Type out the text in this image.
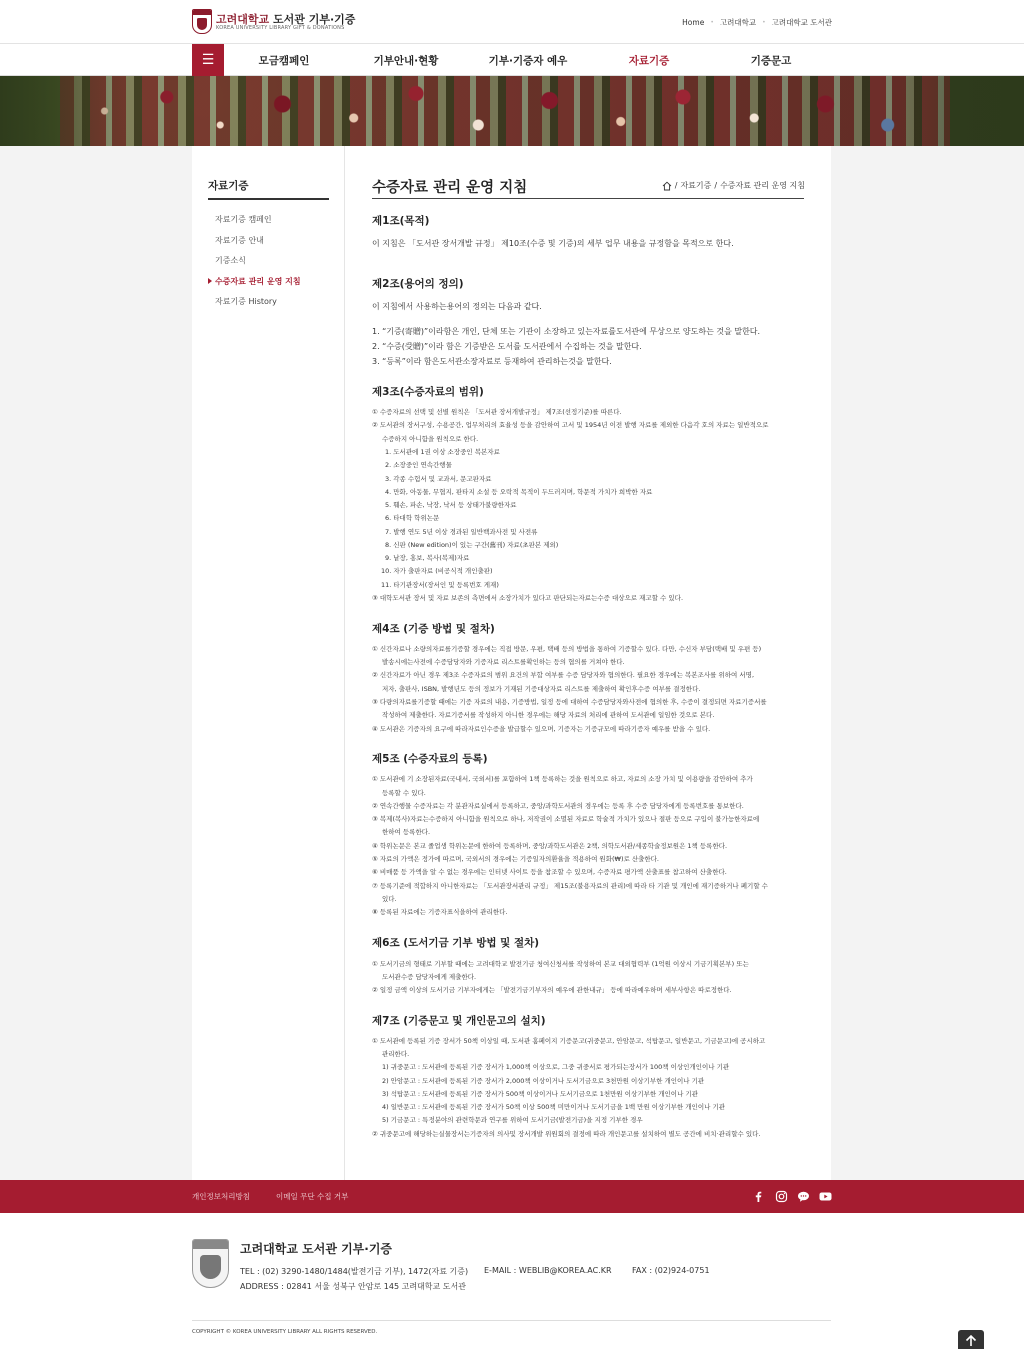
고려대학교 도서관 기부·기증
KOREA UNIVERSITY LIBRARY GIFT & DONATIONS
Home • 고려대학교 • 고려대학교 도서관
☰	모금캠페인	기부안내·현황	기부·기증자 예우	자료기증	기증문고
자료기증
자료기증 캠페인
자료기증 안내
기증소식
수증자료 관리 운영 지침
자료기증 History
수증자료 관리 운영 지침	/ 자료기증 / 수증자료 관리 운영 지침
제1조(목적)
이 지침은 「도서관 장서개발 규정」 제10조(수증 및 기증)의 세부 업무 내용을 규정함을 목적으로 한다.
제2조(용어의 정의)
이 지침에서 사용하는용어의 정의는 다음과 같다.
1. “기증(寄贈)”이라함은 개인, 단체 또는 기관이 소장하고 있는자료를도서관에 무상으로 양도하는 것을 말한다.
2. “수증(受贈)”이라 함은 기증받은 도서를 도서관에서 수집하는 것을 말한다.
3. “등록”이라 함은도서관소장자료로 등재하여 관리하는것을 말한다.
제3조(수증자료의 범위)
① 수증자료의 선택 및 선별 원칙은 「도서관 장서개발규정」 제7조(선정기준)를 따른다.
② 도서관의 장서구성, 수용공간, 업무처리의 효율성 등을 감안하여 고서 및 1954년 이전 발행 자료를 제외한 다음각 호의 자료는 일반적으로
수증하지 아니함을 원칙으로 한다.
1. 도서관에 1권 이상 소장중인 복본자료
2. 소장중인 연속간행물
3. 각종 수험서 및 교과서, 문고판자료
4. 만화, 아동물, 무협지, 판타지 소설 등 오락적 목적이 두드러지며, 학문적 가치가 희박한 자료
5. 훼손, 파손, 낙장, 낙서 등 상태가불량한자료
6. 타대학 학위논문
7. 발행 연도 5년 이상 경과된 일반백과사전 및 사전류
8. 신판 (New edition)이 있는 구간(舊刊) 자료(초판본 제외)
9. 낱장, 홍보, 복사(복제)자료
10. 자가 출판자료 (비공식적 개인출판)
11. 타기관장서(장서인 및 등록번호 게재)
③ 대학도서관 장서 및 자료 보존의 측면에서 소장가치가 있다고 판단되는자료는수증 대상으로 재고할 수 있다.
제4조 (기증 방법 및 절차)
① 신간자료나 소량의자료를기증할 경우에는 직접 방문, 우편, 택배 등의 방법을 통하여 기증할수 있다. 다만, 수신자 부담(택배 및 우편 등)
발송시에는사전에 수증담당자와 기증자료 리스트를확인하는 등의 협의를 거쳐야 한다.
② 신간자료가 아닌 경우 제3조 수증자료의 범위 요건의 부합 여부를 수증 담당자와 협의한다. 필요한 경우에는 복본조사를 위하여 서명,
저자, 출판사, ISBN, 발행년도 등의 정보가 기재된 기증대상자료 리스트를 제출하여 확인후수증 여부를 결정한다.
③ 다량의자료를기증할 때에는 기증 자료의 내용, 기증방법, 일정 등에 대하여 수증담당자와사전에 협의한 후, 수증이 결정되면 자료기증서를
작성하여 제출한다. 자료기증서를 작성하지 아니한 경우에는 해당 자료의 처리에 관하여 도서관에 일임한 것으로 본다.
④ 도서관은 기증자의 요구에 따라자료인수증을 발급할수 있으며, 기증자는 기증규모에 따라기증자 예우를 받을 수 있다.
제5조 (수증자료의 등록)
① 도서관에 기 소장된자료(국내서, 국외서)를 포함하여 1책 등록하는 것을 원칙으로 하고, 자료의 소장 가치 및 이용량을 감안하여 추가
등록할 수 있다.
② 연속간행물 수증자료는 각 분관자료실에서 등록하고, 중앙/과학도서관의 경우에는 등록 후 수증 담당자에게 등록번호를 통보한다.
③ 복제(복사)자료는수증하지 아니함을 원칙으로 하나, 저작권이 소멸된 자료로 학술적 가치가 있으나 절판 등으로 구입이 불가능한자료에
한하여 등록한다.
④ 학위논문은 본교 졸업생 학위논문에 한하여 등록하며, 중앙/과학도서관은 2책, 의학도서관/세종학술정보원은 1책 등록한다.
⑤ 자료의 가액은 정가에 따르며, 국외서의 경우에는 기증일자의환율을 적용하여 원화(₩)로 산출한다.
⑥ 비매품 등 가액을 알 수 없는 경우에는 인터넷 사이트 등을 참조할 수 있으며, 수증자료 평가액 산출표를 참고하여 산출한다.
⑦ 등록기준에 적합하지 아니한자료는 「도서관장서관리 규정」 제15조(불용자료의 관리)에 따라 타 기관 및 개인에 재기증하거나 폐기할 수
있다.
⑧ 등록된 자료에는 기증자표식을하여 관리한다.
제6조 (도서기금 기부 방법 및 절차)
① 도서기금의 형태로 기부할 때에는 고려대학교 발전기금 청여신청서를 작성하여 본교 대외협력부 (1억원 이상시 기금기획본부) 또는
도서관수증 담당자에게 제출한다.
② 일정 금액 이상의 도서기금 기부자에게는 「발전기금기부자의 예우에 관한내규」 등에 따라예우하며 세부사항은 따로정한다.
제7조 (기증문고 및 개인문고의 설치)
① 도서관에 등록된 기증 장서가 50책 이상일 때, 도서관 홈페이지 기증문고(귀중문고, 안암문고, 석탑문고, 일반문고, 기금문고)에 공시하고
관리한다.
1) 귀중문고 : 도서관에 등록된 기증 장서가 1,000책 이상으로, 그중 귀중서로 평가되는장서가 100책 이상인개인이나 기관
2) 안암문고 : 도서관에 등록된 기증 장서가 2,000책 이상이거나 도서기금으로 3천만원 이상기부한 개인이나 기관
3) 석탑문고 : 도서관에 등록된 기증 장서가 500책 이상이거나 도서기금으로 1천만원 이상기부한 개인이나 기관
4) 일반문고 : 도서관에 등록된 기증 장서가 50책 이상 500책 미만이거나 도서기금을 1백 만원 이상기부한 개인이나 기관
5) 기금문고 : 특정분야의 관련학문과 연구를 위하여 도서기금(발전기금)을 지정 기부한 경우
② 귀중문고에 해당하는실물장서는기증자의 의사및 장서개발 위원회의 결정에 따라 개인문고를 설치하여 별도 공간에 비치·관리할수 있다.
개인정보처리방침	이메일 무단 수집 거부
고려대학교 도서관 기부·기증
TEL : (02) 3290-1480/1484(발전기금 기부), 1472(자료 기증) E-MAIL : WEBLIB@KOREA.AC.KR	FAX : (02)924-0751
ADDRESS : 02841 서울 성북구 안암로 145 고려대학교 도서관
COPYRIGHT © KOREA UNIVERSITY LIBRARY ALL RIGHTS RESERVED.
